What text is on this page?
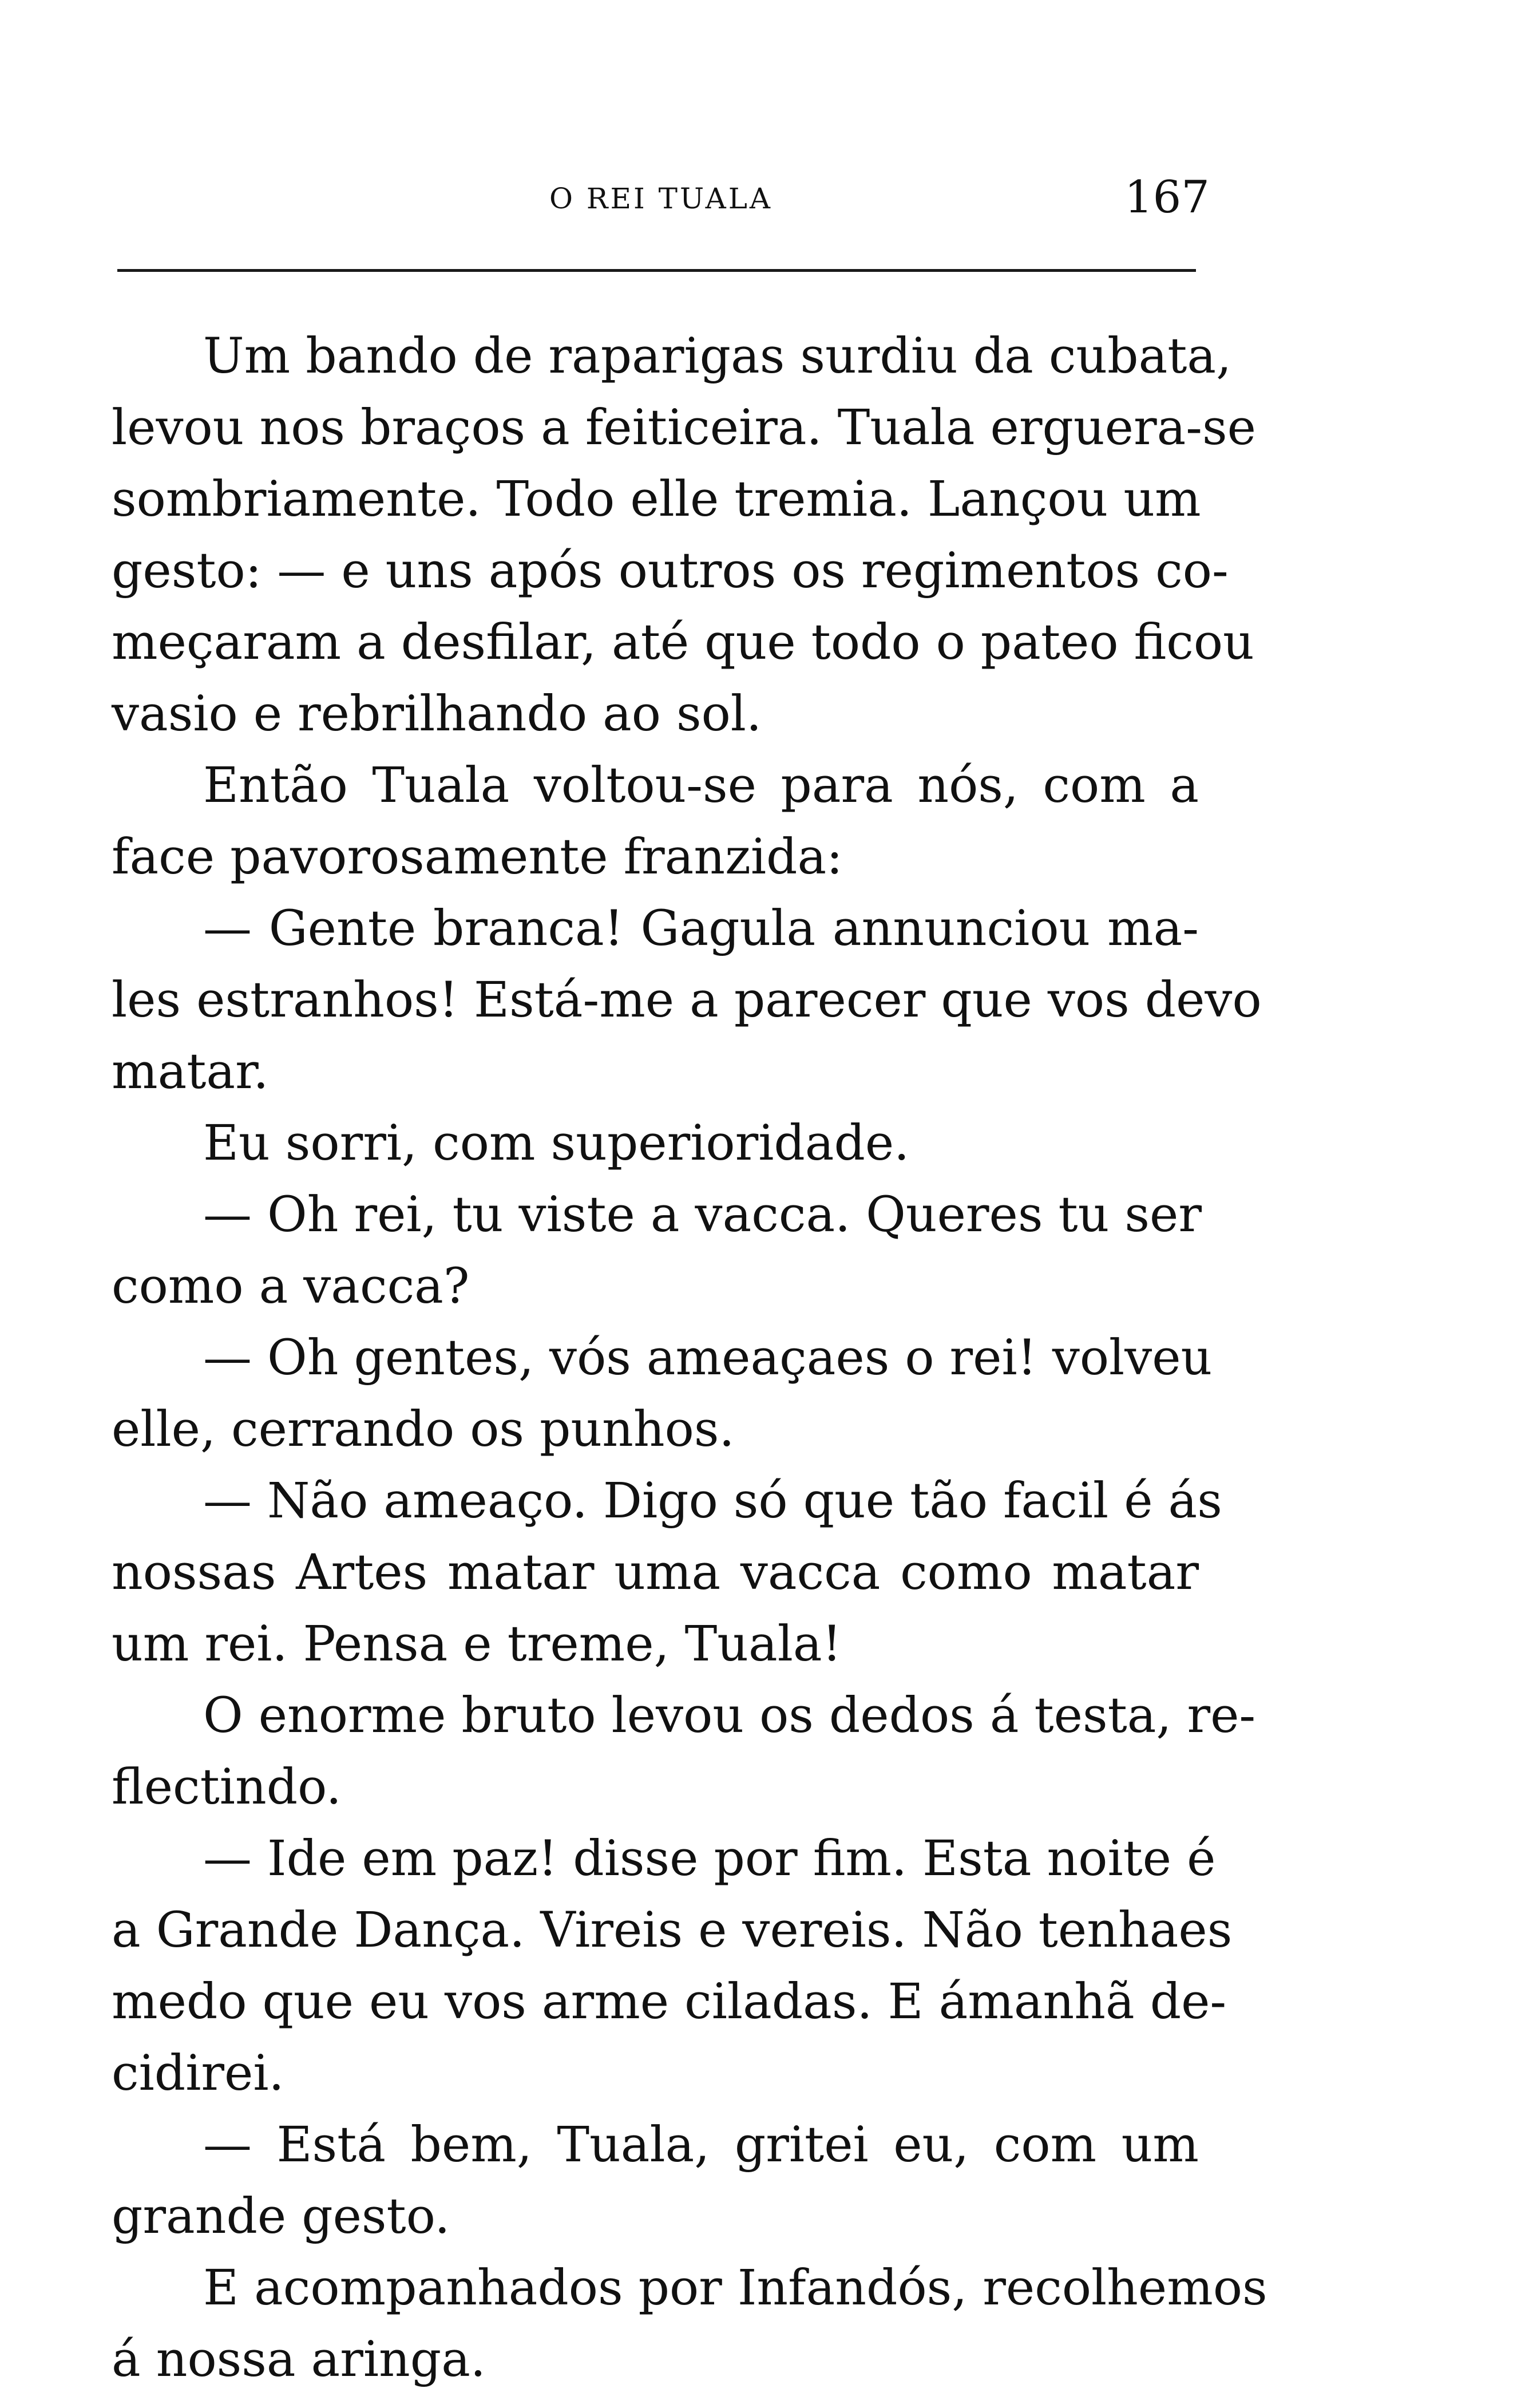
O REI TUALA	167
Um bando de raparigas surdiu da cubata,
levou nos braços a feiticeira. Tuala erguera-se
sombriamente. Todo elle tremia. Lançou um
gesto: — e uns após outros os regimentos co-
meçaram a desfilar, até que todo o pateo ficou
vasio e rebrilhando ao sol.
Então Tuala voltou-se para nós, com a
face pavorosamente franzida:
— Gente branca! Gagula annunciou ma-
les estranhos! Está-me a parecer que vos devo
matar.
Eu sorri, com superioridade.
— Oh rei, tu viste a vacca. Queres tu ser
como a vacca?
— Oh gentes, vós ameaçaes o rei! volveu
elle, cerrando os punhos.
— Não ameaço. Digo só que tão facil é ás
nossas Artes matar uma vacca como matar
um rei. Pensa e treme, Tuala!
O enorme bruto levou os dedos á testa, re-
flectindo.
— Ide em paz! disse por fim. Esta noite é
a Grande Dança. Vireis e vereis. Não tenhaes
medo que eu vos arme ciladas. E ámanhã de-
cidirei.
— Está bem, Tuala, gritei eu, com um
grande gesto.
E acompanhados por Infandós, recolhemos
á nossa aringa.
